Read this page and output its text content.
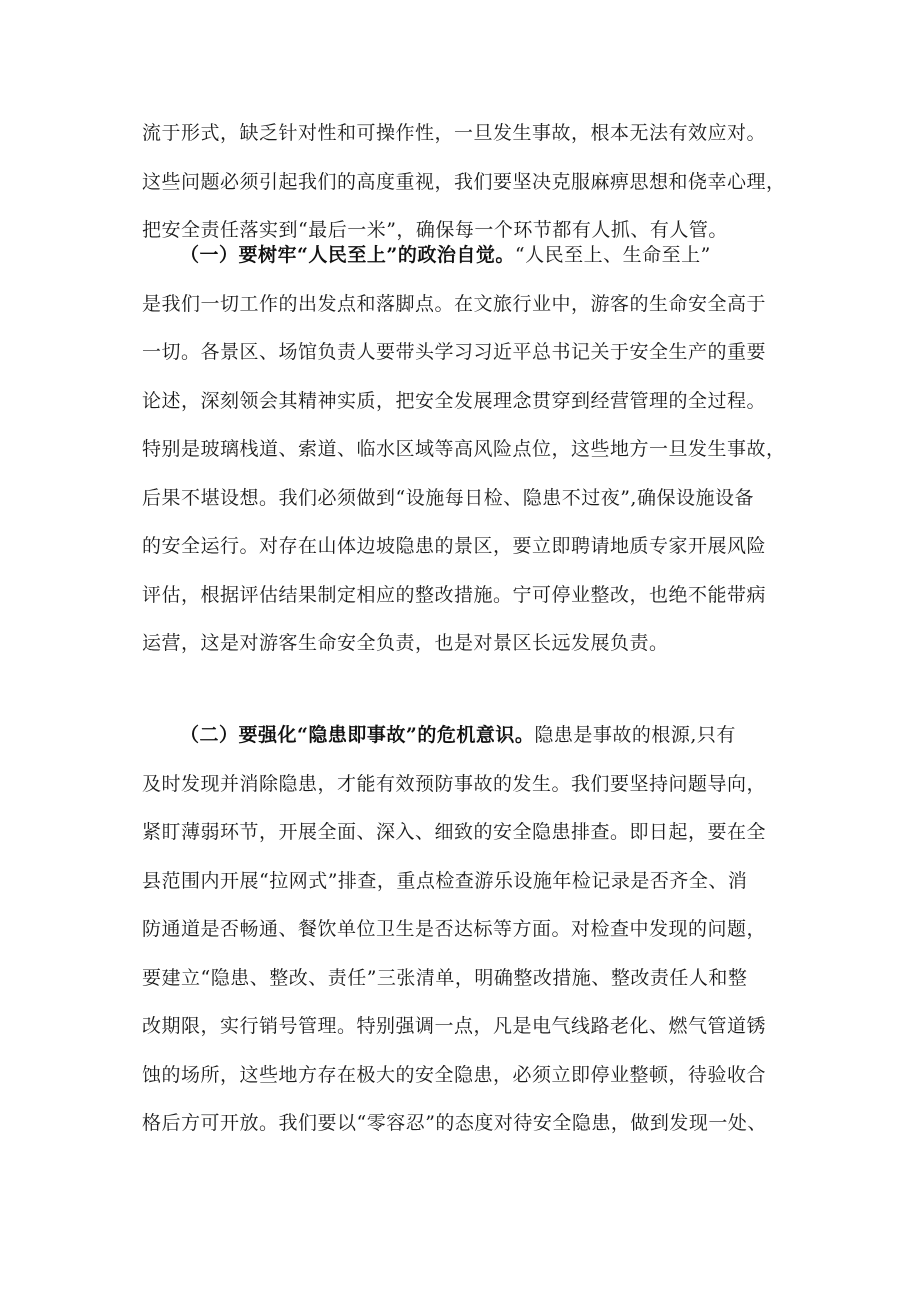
流于形式，缺乏针对性和可操作性，一旦发生事故，根本无法有效应对。
这些问题必须引起我们的高度重视，我们要坚决克服麻痹思想和侥幸心理，
把安全责任落实到“最后一米”，确保每一个环节都有人抓、有人管。
（一）要树牢“人民至上”的政治自觉。“人民至上、生命至上”
是我们一切工作的出发点和落脚点。在文旅行业中，游客的生命安全高于
一切。各景区、场馆负责人要带头学习习近平总书记关于安全生产的重要
论述，深刻领会其精神实质，把安全发展理念贯穿到经营管理的全过程。
特别是玻璃栈道、索道、临水区域等高风险点位，这些地方一旦发生事故，
后果不堪设想。我们必须做到“设施每日检、隐患不过夜”,确保设施设备
的安全运行。对存在山体边坡隐患的景区，要立即聘请地质专家开展风险
评估，根据评估结果制定相应的整改措施。宁可停业整改，也绝不能带病
运营，这是对游客生命安全负责，也是对景区长远发展负责。
（二）要强化“隐患即事故”的危机意识。隐患是事故的根源,只有
及时发现并消除隐患，才能有效预防事故的发生。我们要坚持问题导向，
紧盯薄弱环节，开展全面、深入、细致的安全隐患排查。即日起，要在全
县范围内开展“拉网式”排查，重点检查游乐设施年检记录是否齐全、消
防通道是否畅通、餐饮单位卫生是否达标等方面。对检查中发现的问题，
要建立“隐患、整改、责任”三张清单，明确整改措施、整改责任人和整
改期限，实行销号管理。特别强调一点，凡是电气线路老化、燃气管道锈
蚀的场所，这些地方存在极大的安全隐患，必须立即停业整顿，待验收合
格后方可开放。我们要以“零容忍”的态度对待安全隐患，做到发现一处、
